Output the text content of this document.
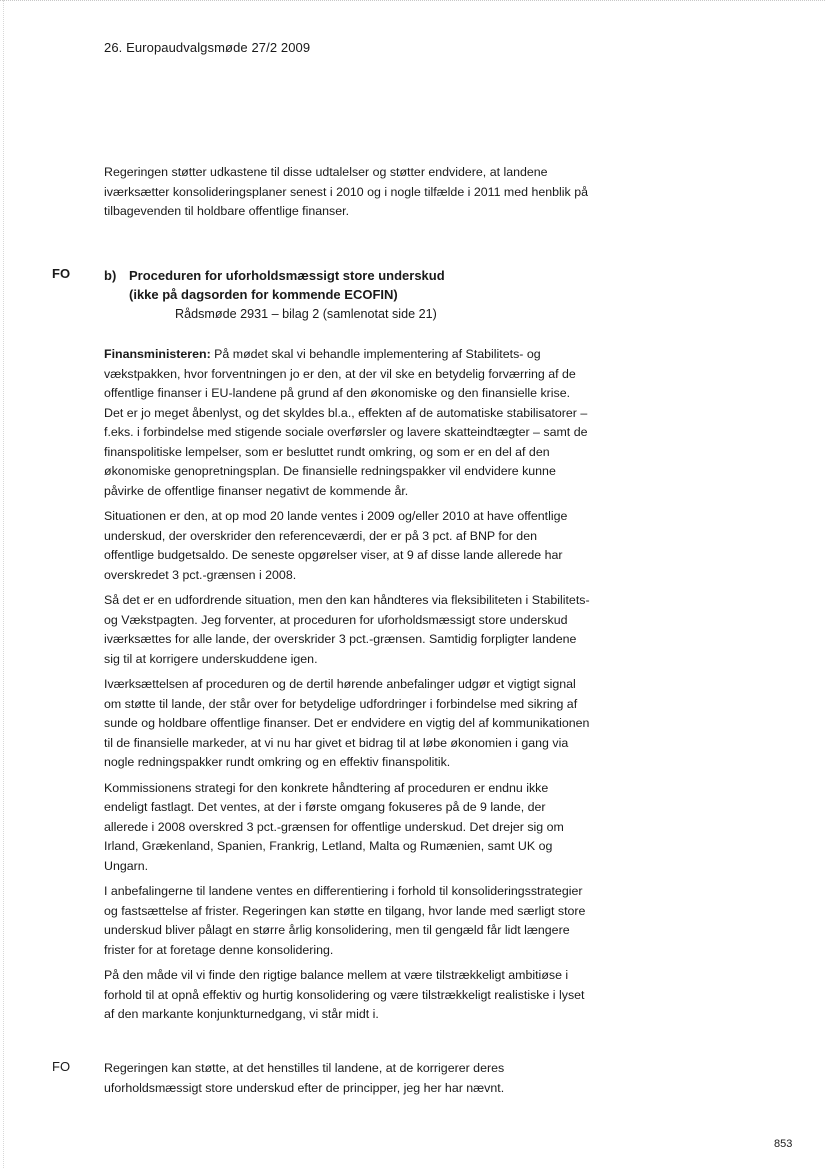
26. Europaudvalgsmøde 27/2 2009

Regeringen støtter udkastene til disse udtalelser og støtter endvidere, at landene iværksætter konsolideringsplaner senest i 2010 og i nogle tilfælde i 2011 med henblik på tilbagevenden til holdbare offentlige finanser.

FO	b) Proceduren for uforholdsmæssigt store underskud
(ikke på dagsorden for kommende ECOFIN)
Rådsmøde 2931 – bilag 2 (samlenotat side 21)

Finansministeren: På mødet skal vi behandle implementering af Stabilitets- og vækstpakken, hvor forventningen jo er den, at der vil ske en betydelig forværring af de offentlige finanser i EU-landene på grund af den økonomiske og den finansielle krise. Det er jo meget åbenlyst, og det skyldes bl.a., effekten af de automatiske stabilisatorer – f.eks. i forbindelse med stigende sociale overførsler og lavere skatteindtægter – samt de finanspolitiske lempelser, som er besluttet rundt omkring, og som er en del af den økonomiske genopretningsplan. De finansielle redningspakker vil endvidere kunne påvirke de offentlige finanser negativt de kommende år.

Situationen er den, at op mod 20 lande ventes i 2009 og/eller 2010 at have offentlige underskud, der overskrider den referenceværdi, der er på 3 pct. af BNP for den offentlige budgetsaldo. De seneste opgørelser viser, at 9 af disse lande allerede har overskredet 3 pct.-grænsen i 2008.

Så det er en udfordrende situation, men den kan håndteres via fleksibiliteten i Stabilitets- og Vækstpagten. Jeg forventer, at proceduren for uforholdsmæssigt store underskud iværksættes for alle lande, der overskrider 3 pct.-grænsen. Samtidig forpligter landene sig til at korrigere underskuddene igen.

Iværksættelsen af proceduren og de dertil hørende anbefalinger udgør et vigtigt signal om støtte til lande, der står over for betydelige udfordringer i forbindelse med sikring af sunde og holdbare offentlige finanser. Det er endvidere en vigtig del af kommunikationen til de finansielle markeder, at vi nu har givet et bidrag til at løbe økonomien i gang via nogle redningspakker rundt omkring og en effektiv finanspolitik.

Kommissionens strategi for den konkrete håndtering af proceduren er endnu ikke endeligt fastlagt. Det ventes, at der i første omgang fokuseres på de 9 lande, der allerede i 2008 overskred 3 pct.-grænsen for offentlige underskud. Det drejer sig om Irland, Grækenland, Spanien, Frankrig, Letland, Malta og Rumænien, samt UK og Ungarn.

I anbefalingerne til landene ventes en differentiering i forhold til konsolideringsstrategier og fastsættelse af frister. Regeringen kan støtte en tilgang, hvor lande med særligt store underskud bliver pålagt en større årlig konsolidering, men til gengæld får lidt længere frister for at foretage denne konsolidering.

På den måde vil vi finde den rigtige balance mellem at være tilstrækkeligt ambitiøse i forhold til at opnå effektiv og hurtig konsolidering og være tilstrækkeligt realistiske i lyset af den markante konjunkturnedgang, vi står midt i.

FO	Regeringen kan støtte, at det henstilles til landene, at de korrigerer deres uforholdsmæssigt store underskud efter de principper, jeg her har nævnt.

853
